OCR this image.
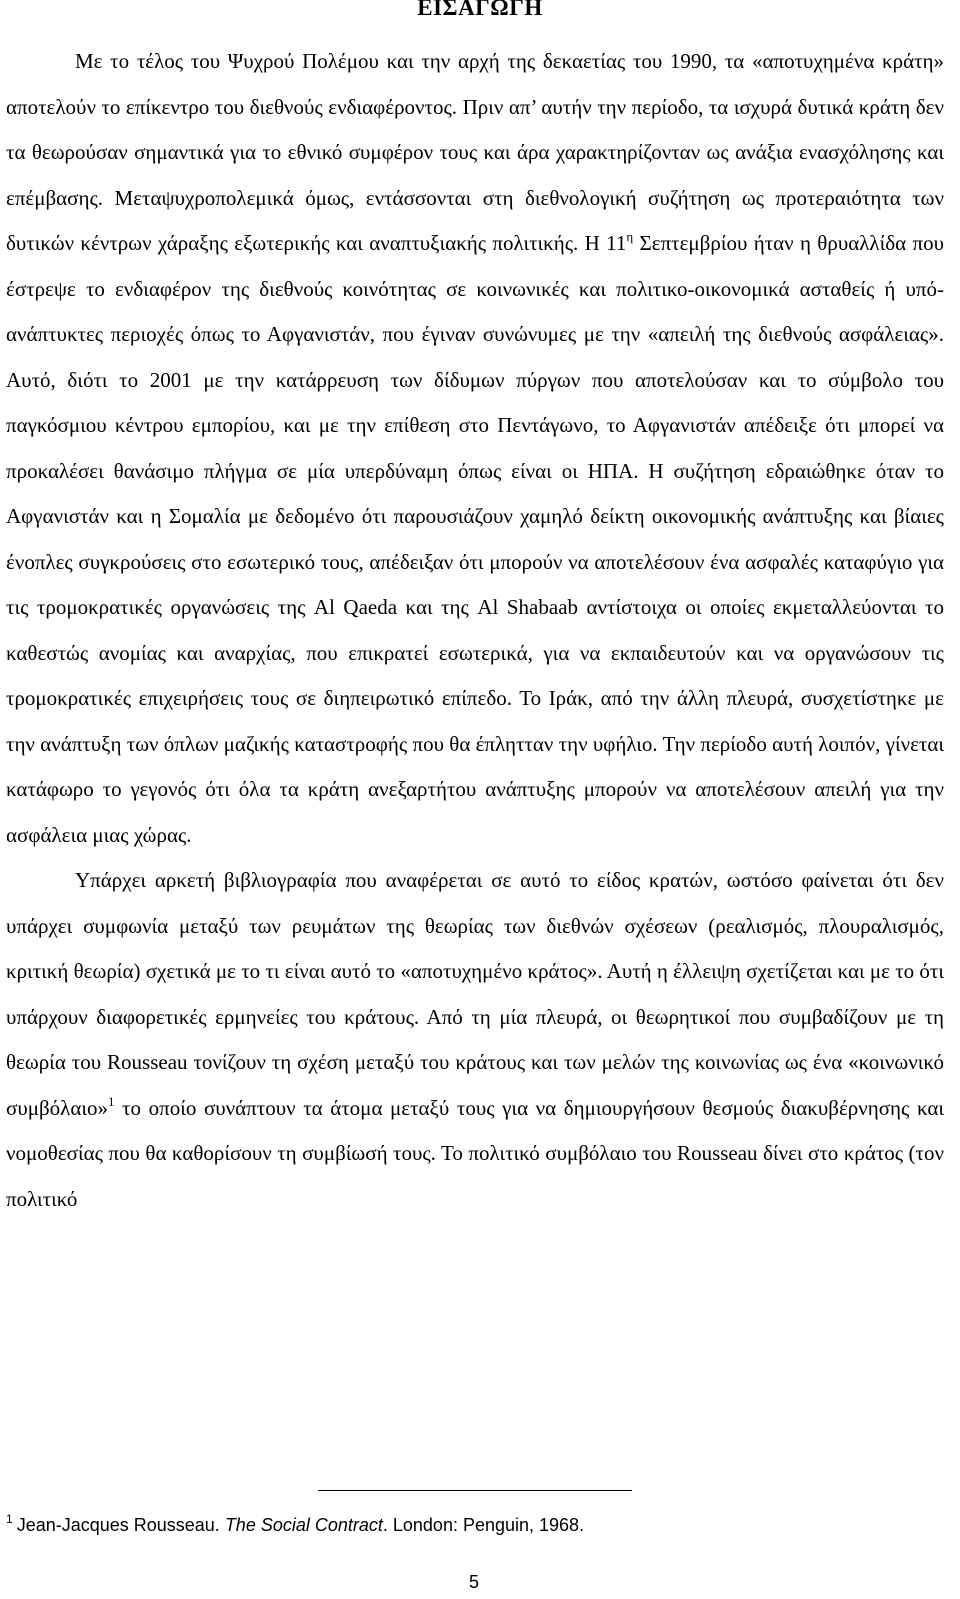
ΕΙΣΑΓΩΓΗ

Με το τέλος του Ψυχρού Πολέμου και την αρχή της δεκαετίας του 1990, τα «αποτυχημένα κράτη» αποτελούν το επίκεντρο του διεθνούς ενδιαφέροντος. Πριν απ’ αυτήν την περίοδο, τα ισχυρά δυτικά κράτη δεν τα θεωρούσαν σημαντικά για το εθνικό συμφέρον τους και άρα χαρακτηρίζονταν ως ανάξια ενασχόλησης και επέμβασης. Μεταψυχροπολεμικά όμως, εντάσσονται στη διεθνολογική συζήτηση ως προτεραιότητα των δυτικών κέντρων χάραξης εξωτερικής και αναπτυξιακής πολιτικής. Η $11^\eta$ Σεπτεμβρίου ήταν η θρυαλλίδα που έστρεψε το ενδιαφέρον της διεθνούς κοινότητας σε κοινωνικές και πολιτικο-οικονομικά ασταθείς ή υπό-ανάπτυκτες περιοχές όπως το Αφγανιστάν, που έγιναν συνώνυμες με την «απειλή της διεθνούς ασφάλειας». Αυτό, διότι το 2001 με την κατάρρευση των δίδυμων πύργων που αποτελούσαν και το σύμβολο του παγκόσμιου κέντρου εμπορίου, και με την επίθεση στο Πεντάγωνο, το Αφγανιστάν απέδειξε ότι μπορεί να προκαλέσει θανάσιμο πλήγμα σε μία υπερδύναμη όπως είναι οι ΗΠΑ. Η συζήτηση εδραιώθηκε όταν το Αφγανιστάν και η Σομαλία με δεδομένο ότι παρουσιάζουν χαμηλό δείκτη οικονομικής ανάπτυξης και βίαιες ένοπλες συγκρούσεις στο εσωτερικό τους, απέδειξαν ότι μπορούν να αποτελέσουν ένα ασφαλές καταφύγιο για τις τρομοκρατικές οργανώσεις της Al Qaeda και της Al Shabaab αντίστοιχα οι οποίες εκμεταλλεύονται το καθεστώς ανομίας και αναρχίας, που επικρατεί εσωτερικά, για να εκπαιδευτούν και να οργανώσουν τις τρομοκρατικές επιχειρήσεις τους σε διηπειρωτικό επίπεδο. Το Ιράκ, από την άλλη πλευρά, συσχετίστηκε με την ανάπτυξη των όπλων μαζικής καταστροφής που θα έπλητταν την υφήλιο. Την περίοδο αυτή λοιπόν, γίνεται κατάφωρο το γεγονός ότι όλα τα κράτη ανεξαρτήτου ανάπτυξης μπορούν να αποτελέσουν απειλή για την ασφάλεια μιας χώρας.

Υπάρχει αρκετή βιβλιογραφία που αναφέρεται σε αυτό το είδος κρατών, ωστόσο φαίνεται ότι δεν υπάρχει συμφωνία μεταξύ των ρευμάτων της θεωρίας των διεθνών σχέσεων (ρεαλισμός, πλουραλισμός, κριτική θεωρία) σχετικά με το τι είναι αυτό το «αποτυχημένο κράτος». Αυτή η έλλειψη σχετίζεται και με το ότι υπάρχουν διαφορετικές ερμηνείες του κράτους. Από τη μία πλευρά, οι θεωρητικοί που συμβαδίζουν με τη θεωρία του Rousseau τονίζουν τη σχέση μεταξύ του κράτους και των μελών της κοινωνίας ως ένα «κοινωνικό συμβόλαιο»$^1$ το οποίο συνάπτουν τα άτομα μεταξύ τους για να δημιουργήσουν θεσμούς διακυβέρνησης και νομοθεσίας που θα καθορίσουν τη συμβίωσή τους. Το πολιτικό συμβόλαιο του Rousseau δίνει στο κράτος (τον πολιτικό

$^1$ Jean-Jacques Rousseau. The Social Contract. London: Penguin, 1968.
5
